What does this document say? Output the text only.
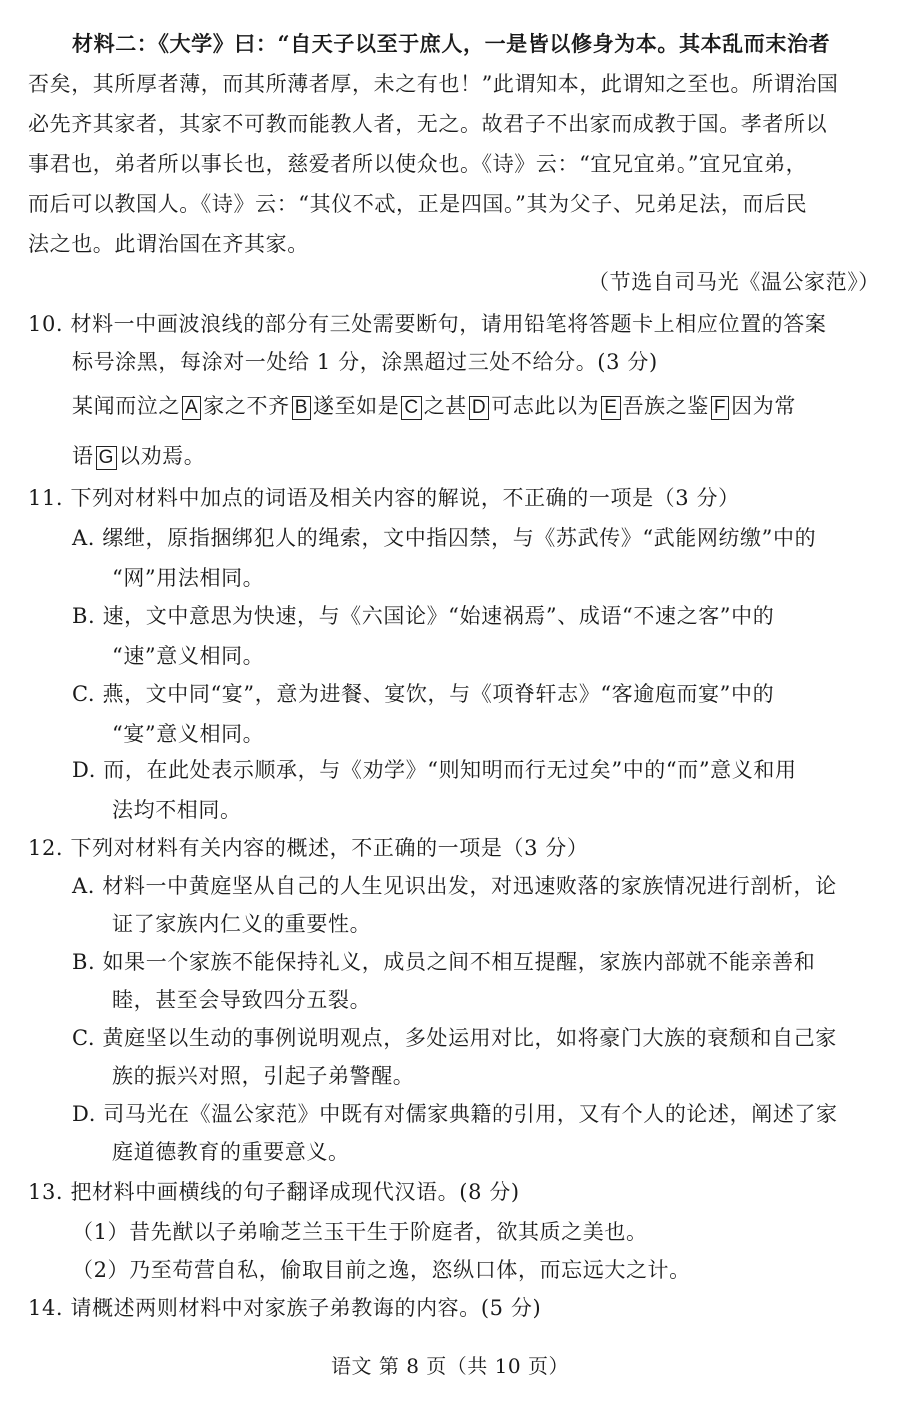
材料二：《大学》曰：“自天子以至于庶人，一是皆以修身为本。其本乱而末治者
否矣，其所厚者薄，而其所薄者厚，未之有也！”此谓知本，此谓知之至也。所谓治国
必先齐其家者，其家不可教而能教人者，无之。故君子不出家而成教于国。孝者所以
事君也，弟者所以事长也，慈爱者所以使众也。《诗》云：“宜兄宜弟。”宜兄宜弟，
而后可以教国人。《诗》云：“其仪不忒，正是四国。”其为父子、兄弟足法，而后民
法之也。此谓治国在齐其家。
（节选自司马光《温公家范》）
10. 材料一中画波浪线的部分有三处需要断句，请用铅笔将答题卡上相应位置的答案
标号涂黑，每涂对一处给 1 分，涂黑超过三处不给分。(3 分)
某闻而泣之 A 家之不齐 B 遂至如是 C 之甚 D 可志此以为 E 吾族之鉴 F 因为常
语 G 以劝焉。
11. 下列对材料中加点的词语及相关内容的解说，不正确的一项是（3 分）
A. 缧绁，原指捆绑犯人的绳索，文中指囚禁，与《苏武传》“武能网纺缴”中的
“网”用法相同。
B. 速，文中意思为快速，与《六国论》“始速祸焉”、成语“不速之客”中的
“速”意义相同。
C. 燕，文中同“宴”，意为进餐、宴饮，与《项脊轩志》“客逾庖而宴”中的
“宴”意义相同。
D. 而，在此处表示顺承，与《劝学》“则知明而行无过矣”中的“而”意义和用
法均不相同。
12. 下列对材料有关内容的概述，不正确的一项是（3 分）
A. 材料一中黄庭坚从自己的人生见识出发，对迅速败落的家族情况进行剖析，论
证了家族内仁义的重要性。
B. 如果一个家族不能保持礼义，成员之间不相互提醒，家族内部就不能亲善和
睦，甚至会导致四分五裂。
C. 黄庭坚以生动的事例说明观点，多处运用对比，如将豪门大族的衰颓和自己家
族的振兴对照，引起子弟警醒。
D. 司马光在《温公家范》中既有对儒家典籍的引用，又有个人的论述，阐述了家
庭道德教育的重要意义。
13. 把材料中画横线的句子翻译成现代汉语。(8 分)
（1）昔先猷以子弟喻芝兰玉干生于阶庭者，欲其质之美也。
（2）乃至苟营自私，偷取目前之逸，恣纵口体，而忘远大之计。
14. 请概述两则材料中对家族子弟教诲的内容。(5 分)
语文 第 8 页（共 10 页）
